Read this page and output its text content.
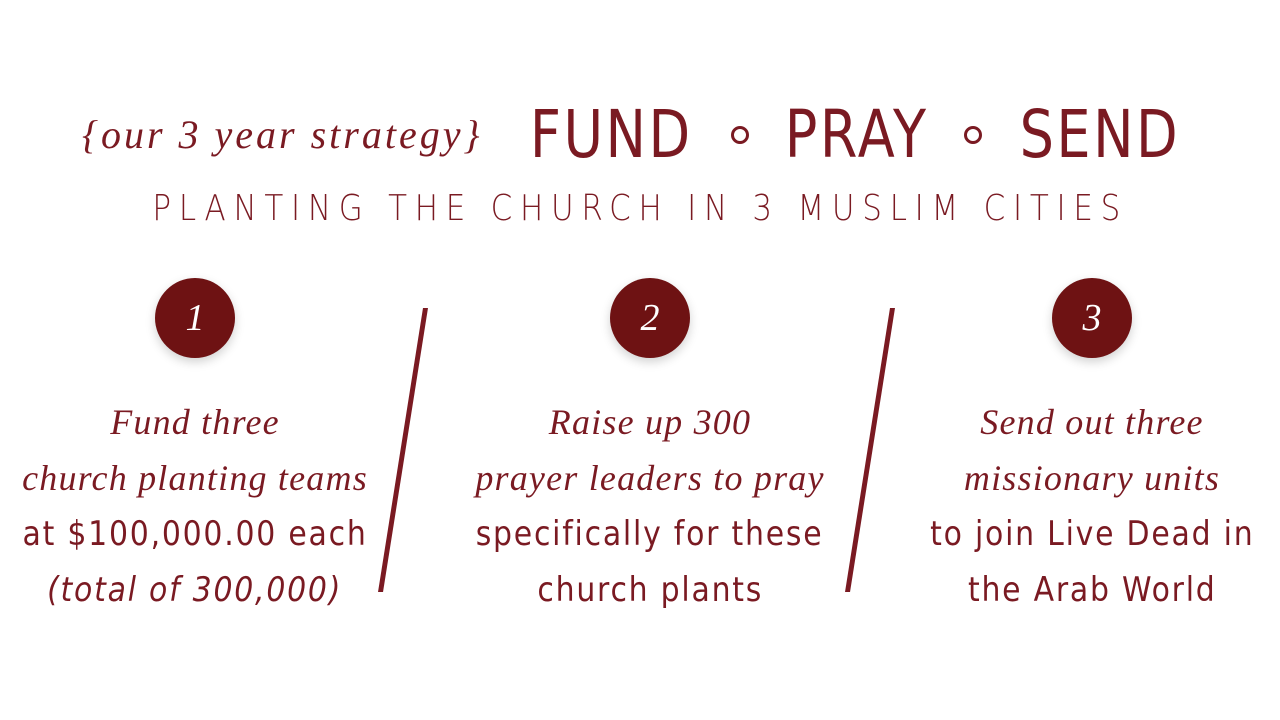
{our 3 year strategy} FUND PRAY SEND
PLANTING THE CHURCH IN 3 MUSLIM CITIES
1
Fund three
church planting teams
at $100,000.00 each
(total of 300,000)
2
Raise up 300
prayer leaders to pray
specifically for these
church plants
3
Send out three
missionary units
to join Live Dead in
the Arab World
